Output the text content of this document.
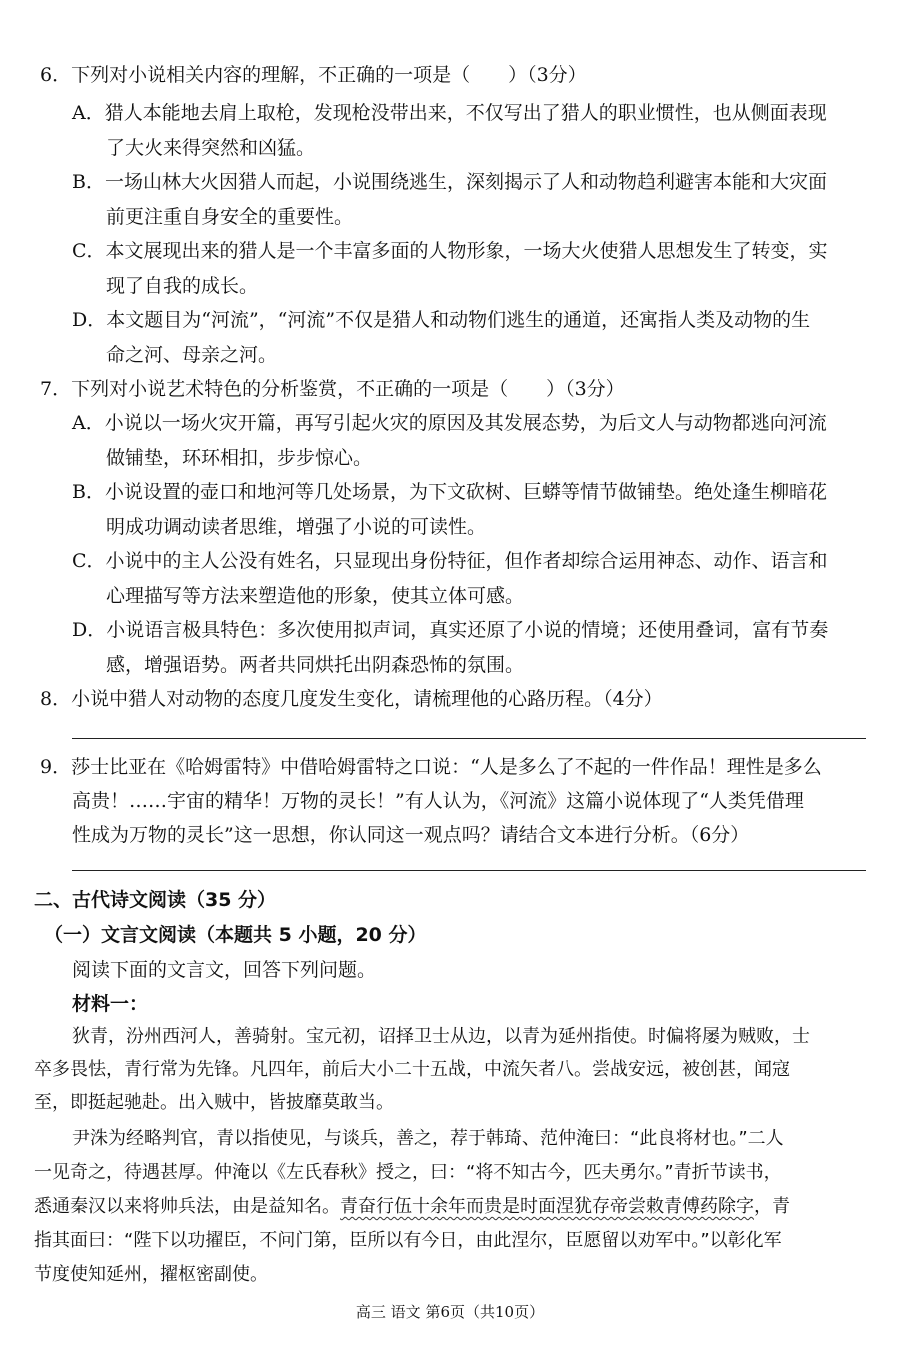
6．下列对小说相关内容的理解，不正确的一项是（　　）（3分）
A．猎人本能地去肩上取枪，发现枪没带出来，不仅写出了猎人的职业惯性，也从侧面表现
了大火来得突然和凶猛。
B．一场山林大火因猎人而起，小说围绕逃生，深刻揭示了人和动物趋利避害本能和大灾面
前更注重自身安全的重要性。
C．本文展现出来的猎人是一个丰富多面的人物形象，一场大火使猎人思想发生了转变，实
现了自我的成长。
D．本文题目为“河流”，“河流”不仅是猎人和动物们逃生的通道，还寓指人类及动物的生
命之河、母亲之河。
7．下列对小说艺术特色的分析鉴赏，不正确的一项是（　　）（3分）
A．小说以一场火灾开篇，再写引起火灾的原因及其发展态势，为后文人与动物都逃向河流
做铺垫，环环相扣，步步惊心。
B．小说设置的壶口和地河等几处场景，为下文砍树、巨蟒等情节做铺垫。绝处逢生柳暗花
明成功调动读者思维，增强了小说的可读性。
C．小说中的主人公没有姓名，只显现出身份特征，但作者却综合运用神态、动作、语言和
心理描写等方法来塑造他的形象，使其立体可感。
D．小说语言极具特色：多次使用拟声词，真实还原了小说的情境；还使用叠词，富有节奏
感，增强语势。两者共同烘托出阴森恐怖的氛围。
8．小说中猎人对动物的态度几度发生变化，请梳理他的心路历程。（4分）
9．莎士比亚在《哈姆雷特》中借哈姆雷特之口说：“人是多么了不起的一件作品！理性是多么
高贵！……宇宙的精华！万物的灵长！”有人认为，《河流》这篇小说体现了“人类凭借理
性成为万物的灵长”这一思想，你认同这一观点吗？请结合文本进行分析。（6分）
二、古代诗文阅读（35 分）
（一）文言文阅读（本题共 5 小题，20 分）
阅读下面的文言文，回答下列问题。
材料一：
狄青，汾州西河人，善骑射。宝元初，诏择卫士从边，以青为延州指使。时偏将屡为贼败，士
卒多畏怯，青行常为先锋。凡四年，前后大小二十五战，中流矢者八。尝战安远，被创甚，闻寇
至，即挺起驰赴。出入贼中，皆披靡莫敢当。
尹洙为经略判官，青以指使见，与谈兵，善之，荐于韩琦、范仲淹曰：“此良将材也。”二人
一见奇之，待遇甚厚。仲淹以《左氏春秋》授之，曰：“将不知古今，匹夫勇尔。”青折节读书，
悉通秦汉以来将帅兵法，由是益知名。青奋行伍十余年而贵是时面涅犹存帝尝敕青傅药除字，青
指其面曰：“陛下以功擢臣，不问门第，臣所以有今日，由此涅尔，臣愿留以劝军中。”以彰化军
节度使知延州，擢枢密副使。
高三 语文 第6页（共10页）
